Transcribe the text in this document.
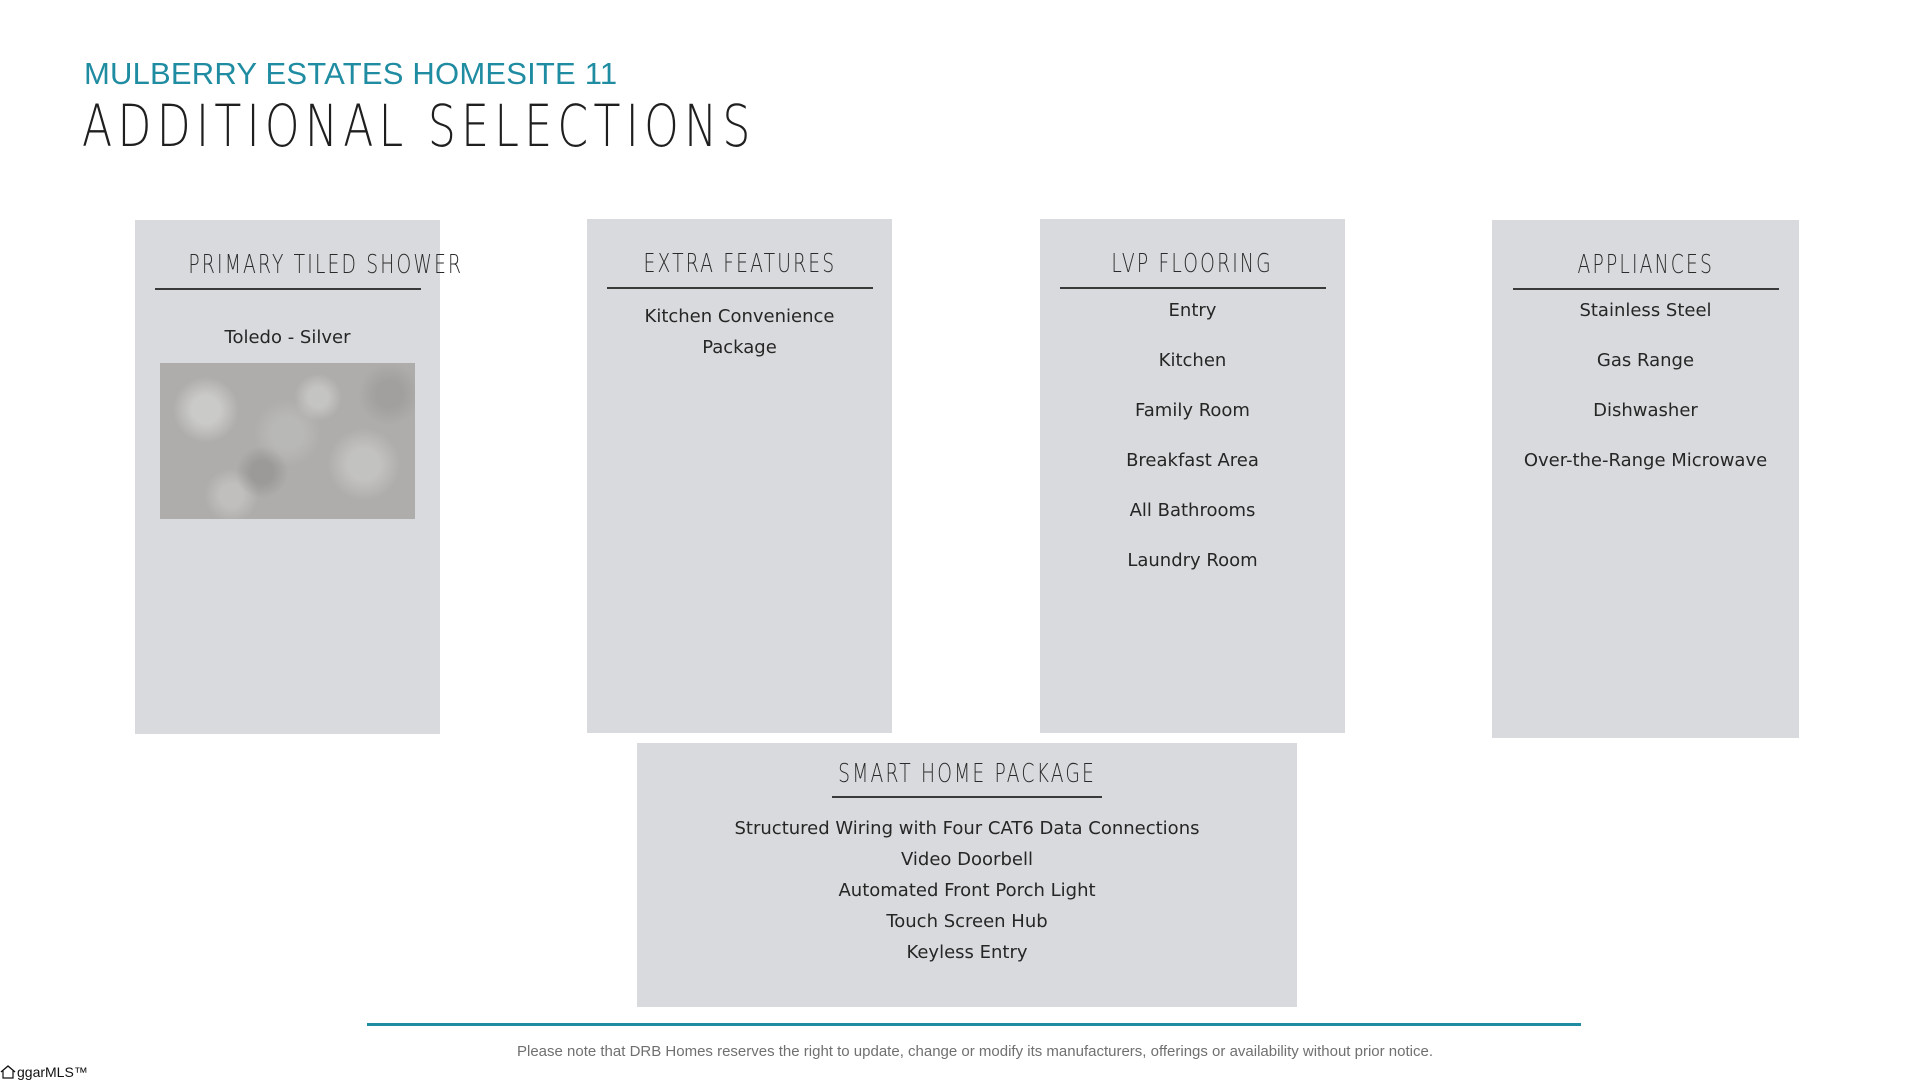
MULBERRY ESTATES HOMESITE 11
ADDITIONAL SELECTIONS
PRIMARY TILED SHOWER
Toledo - Silver
EXTRA FEATURES
Kitchen Convenience
Package
LVP FLOORING
Entry
Kitchen
Family Room
Breakfast Area
All Bathrooms
Laundry Room
APPLIANCES
Stainless Steel
Gas Range
Dishwasher
Over-the-Range Microwave
SMART HOME PACKAGE
Structured Wiring with Four CAT6 Data Connections
Video Doorbell
Automated Front Porch Light
Touch Screen Hub
Keyless Entry
Please note that DRB Homes reserves the right to update, change or modify its manufacturers, offerings or availability without prior notice.
ggarMLS™
